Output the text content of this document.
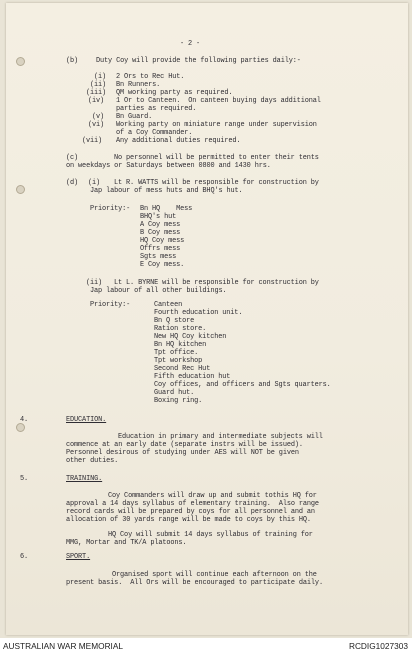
- 2 -
(b)	Duty Coy will provide the following parties daily:-
(i) 2 Ors to Rec Hut.
(ii) Bn Runners.
(iii) QM working party as required.
(iv) 1 Or to Canteen.  On canteen buying days additional
parties as required.
(v) Bn Guard.
(vi) Working party on miniature range under supervision
of a Coy Commander.
(vii) Any additional duties required.
(c)	No personnel will be permitted to enter their tents
on weekdays or Saturdays between 0800 and 1430 hrs.
(d) (i) Lt R. WATTS will be responsible for construction by
Jap labour of mess huts and BHQ's hut.
Priority:- Bn HQ    Mess
BHQ's hut
A Coy mess
B Coy mess
HQ Coy mess
Offrs mess
Sgts mess
E Coy mess.
(ii) Lt L. BYRNE will be responsible for construction by
Jap labour of all other buildings.
Priority:-	Canteen
Fourth education unit.
Bn Q store
Ration store.
New HQ Coy kitchen
Bn HQ kitchen
Tpt office.
Tpt workshop
Second Rec Hut
Fifth education hut
Coy offices, and officers and Sgts quarters.
Guard hut.
Boxing ring.
4.	EDUCATION.
Education in primary and intermediate subjects will
commence at an early date (separate instrs will be issued).
Personnel desirous of studying under AES will NOT be given
other duties.
5.	TRAINING.
Coy Commanders will draw up and submit tothis HQ for
approval a 14 days syllabus of elementary training.  Also range
record cards will be prepared by coys for all personnel and an
allocation of 30 yards range will be made to coys by this HQ.
HQ Coy will submit 14 days syllabus of training for
MMG, Mortar and TK/A platoons.
6.	SPORT.
Organised sport will continue each afternoon on the
present basis.  All Ors will be encouraged to participate daily.
AUSTRALIAN WAR MEMORIAL	RCDIG1027303
